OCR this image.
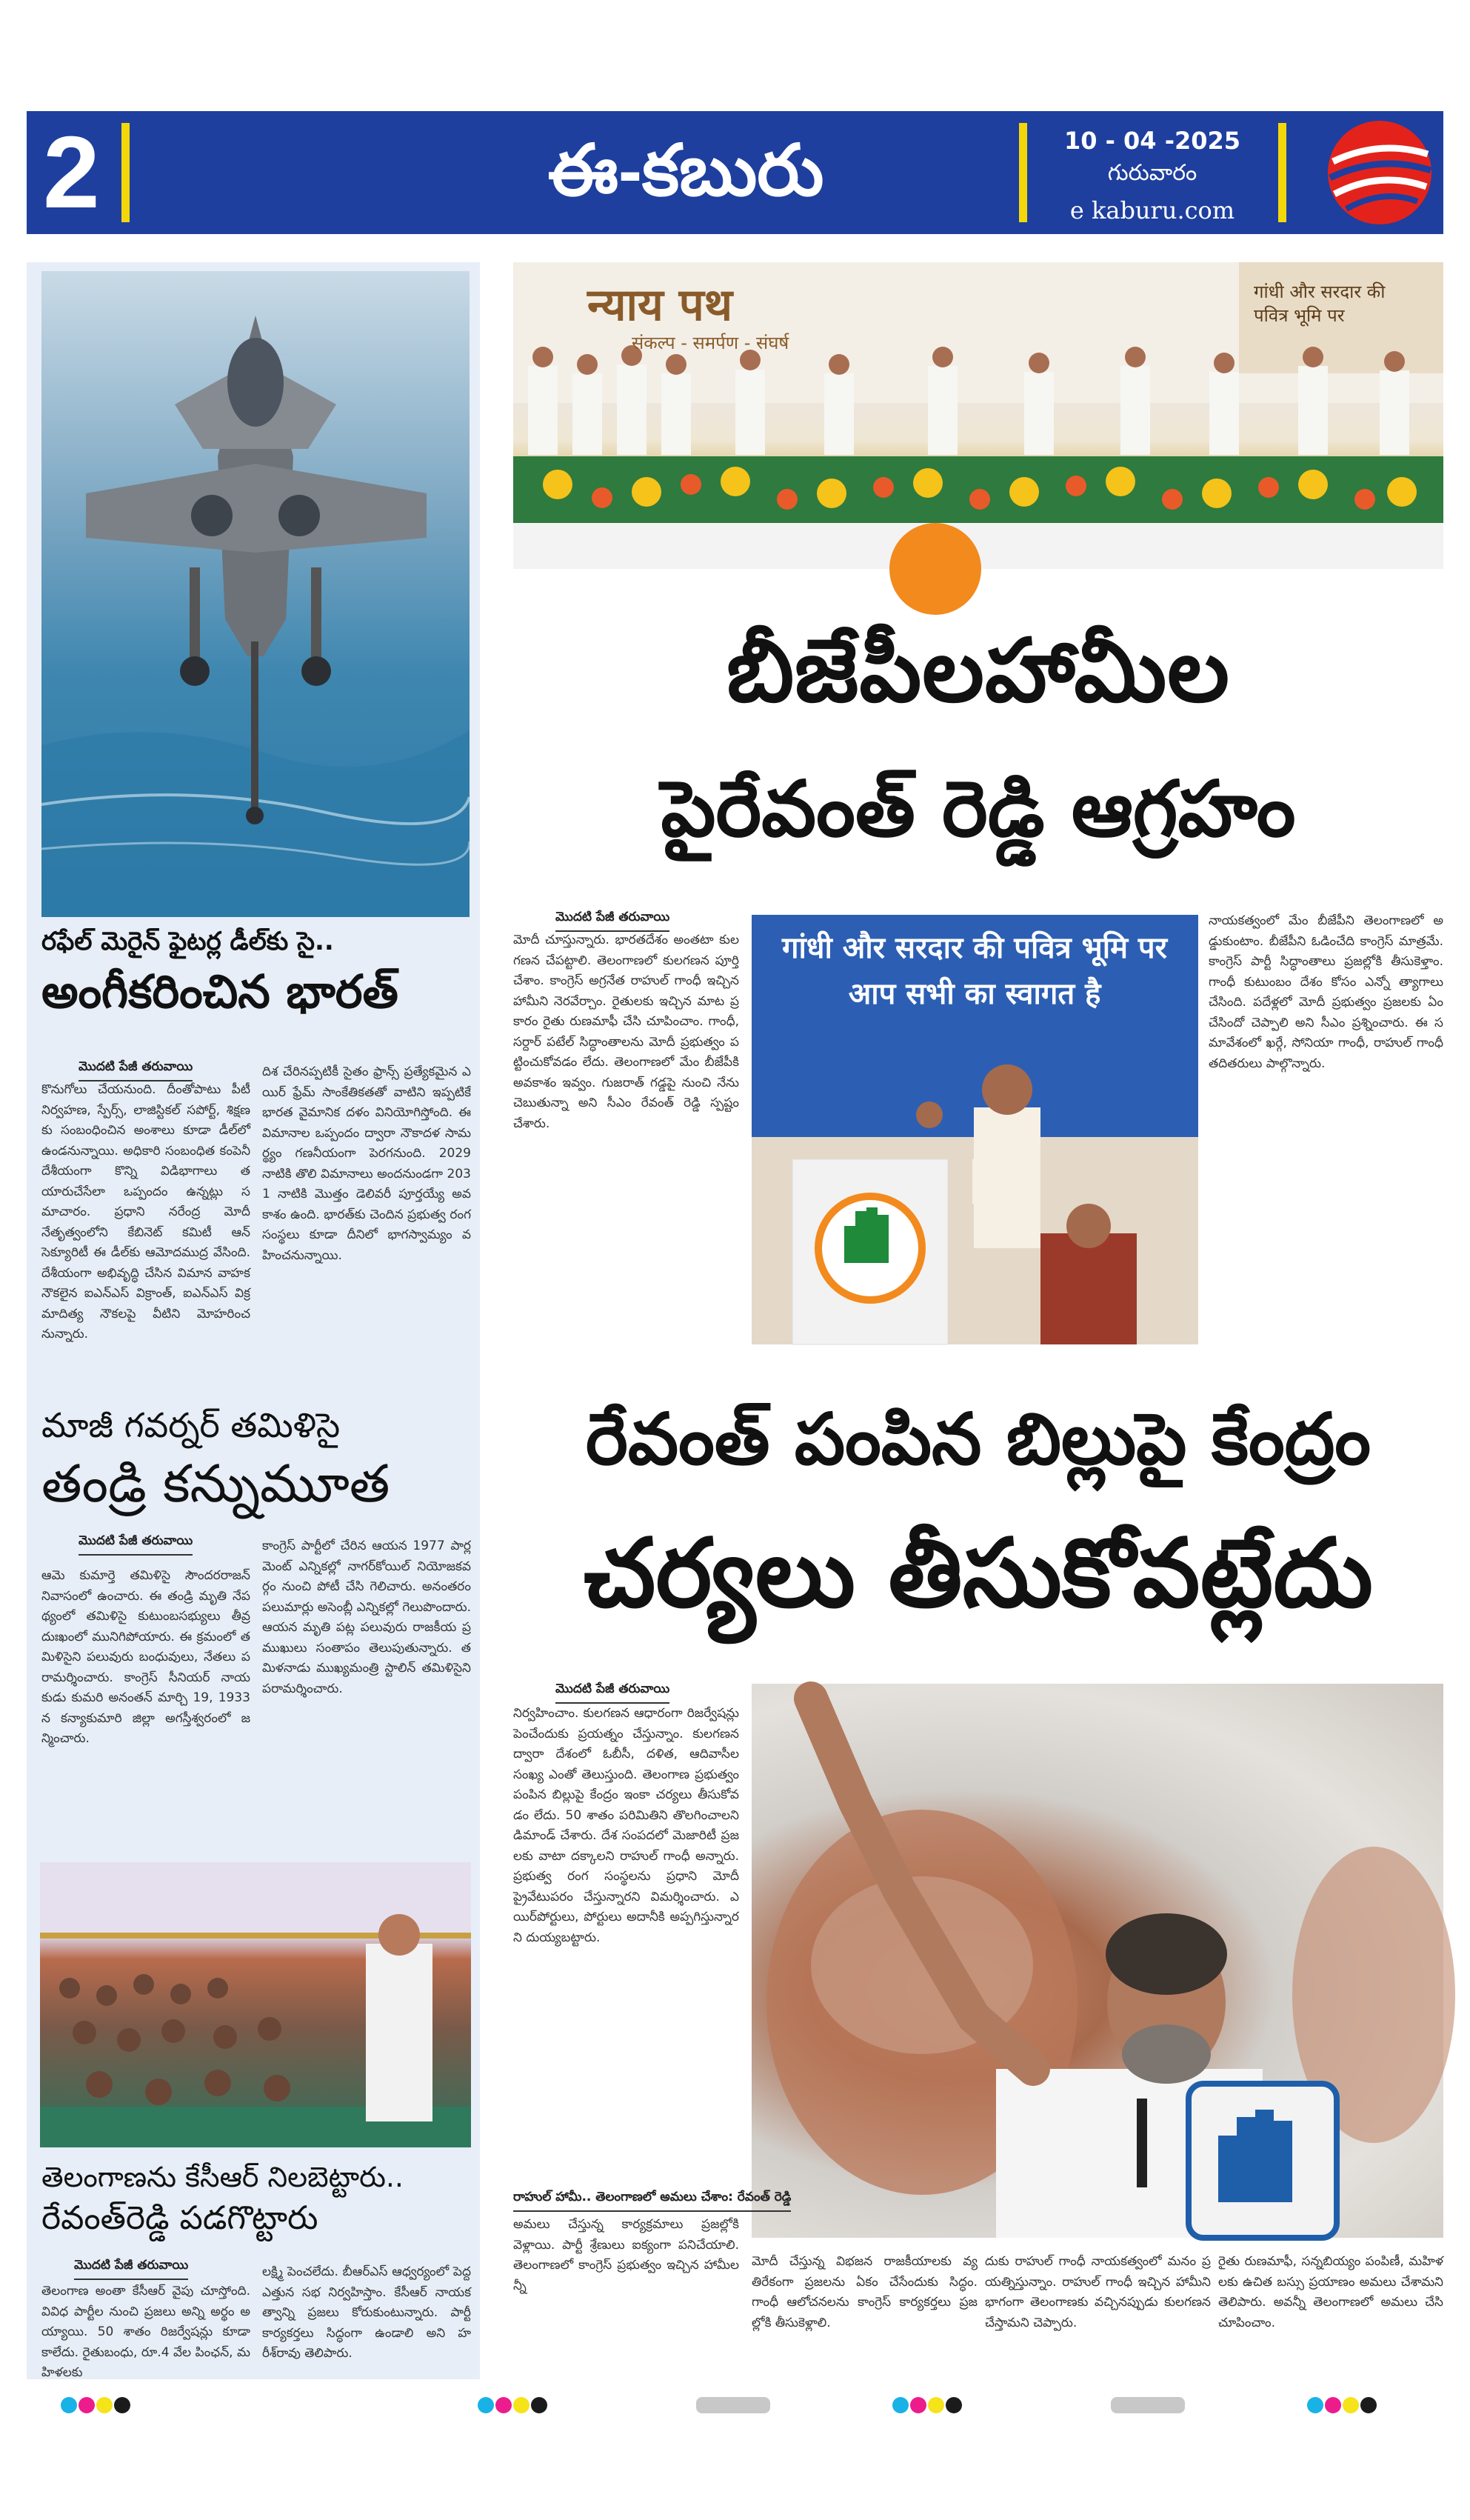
2	ఈ-కబురు	10 - 04 -2025
గురువారం
e kaburu.com
రఫేల్ మెరైన్ ఫైటర్ల డీల్‌కు సై..
అంగీకరించిన భారత్
మొదటి పేజీ తరువాయి
కొనుగోలు చేయనుంది. దీంతోపాటు పీటీ నిర్వహణ, స్పేర్స్, లాజిస్టికల్ సపోర్ట్, శిక్షణకు సంబంధించిన అంశాలు కూడా డీల్‌లో ఉండనున్నాయి. అధికారి సంబంధిత కంపెనీ దేశీయంగా కొన్ని విడిభాగాలు తయారుచేసేలా ఒప్పందం ఉన్నట్లు సమాచారం. ప్రధాని నరేంద్ర మోదీ నేతృత్వంలోని కేబినెట్ కమిటీ ఆన్ సెక్యూరిటీ ఈ డీల్‌కు ఆమోదముద్ర వేసింది. దేశీయంగా అభివృద్ధి చేసిన విమాన వాహక నౌకలైన ఐఎన్‌ఎస్ విక్రాంత్, ఐఎన్‌ఎస్ విక్రమాదిత్య నౌకలపై వీటిని మోహరించనున్నారు.
దిశ చేరినప్పటికీ సైతం ఫ్రాన్స్ ప్రత్యేకమైన ఎయిర్ ఫ్రేమ్ సాంకేతికతతో వాటిని ఇప్పటికే భారత వైమానిక దళం వినియోగిస్తోంది. ఈ విమానాల ఒప్పందం ద్వారా నౌకాదళ సామర్థ్యం గణనీయంగా పెరగనుంది. 2029 నాటికి తొలి విమానాలు అందనుండగా 2031 నాటికి మొత్తం డెలివరీ పూర్తయ్యే అవకాశం ఉంది. భారత్‌కు చెందిన ప్రభుత్వ రంగ సంస్థలు కూడా దీనిలో భాగస్వామ్యం వహించనున్నాయి.
మాజీ గవర్నర్ తమిళిసై
తండ్రి కన్నుమూత
మొదటి పేజీ తరువాయి
ఆమె కుమార్తె తమిళిసై సౌందరరాజన్ నివాసంలో ఉంచారు. ఈ తండ్రి మృతి నేపథ్యంలో తమిళిసై కుటుంబసభ్యులు తీవ్ర దుఃఖంలో మునిగిపోయారు. ఈ క్రమంలో తమిళిసైని పలువురు బంధువులు, నేతలు పరామర్శించారు. కాంగ్రెస్ సీనియర్ నాయకుడు కుమరి అనంతన్ మార్చి 19, 1933న కన్యాకుమారి జిల్లా అగస్తీశ్వరంలో జన్మించారు.
కాంగ్రెస్ పార్టీలో చేరిన ఆయన 1977 పార్లమెంట్ ఎన్నికల్లో నాగర్‌కోయిల్ నియోజకవర్గం నుంచి పోటీ చేసి గెలిచారు. అనంతరం పలుమార్లు అసెంబ్లీ ఎన్నికల్లో గెలుపొందారు. ఆయన మృతి పట్ల పలువురు రాజకీయ ప్రముఖులు సంతాపం తెలుపుతున్నారు. తమిళనాడు ముఖ్యమంత్రి స్టాలిన్ తమిళిసైని పరామర్శించారు.
తెలంగాణను కేసీఆర్ నిలబెట్టారు..
రేవంత్‌రెడ్డి పడగొట్టారు
మొదటి పేజీ తరువాయి
తెలంగాణ అంతా కేసీఆర్ వైపు చూస్తోంది. వివిధ పార్టీల నుంచి ప్రజలు అన్ని అర్థం అయ్యాయి. 50 శాతం రిజర్వేషన్లు కూడా కాలేదు. రైతుబంధు, రూ.4 వేల పింఛన్, మహిళలకు
లక్ష్మి పెంచలేదు. బీఆర్ఎస్ ఆధ్వర్యంలో పెద్ద ఎత్తున సభ నిర్వహిస్తాం. కేసీఆర్ నాయకత్వాన్ని ప్రజలు కోరుకుంటున్నారు. పార్టీ కార్యకర్తలు సిద్ధంగా ఉండాలి అని హరీశ్‌రావు తెలిపారు.
न्याय पथ
संकल्प - समर्पण - संघर्ष
गांधी और सरदार की पवित्र भूमि पर
బీజేపీలహామీల
పైరేవంత్ రెడ్డి ఆగ్రహం
మొదటి పేజీ తరువాయి
మోదీ చూస్తున్నారు. భారతదేశం అంతటా కుల గణన చేపట్టాలి. తెలంగాణలో కులగణన పూర్తి చేశాం. కాంగ్రెస్ అగ్రనేత రాహుల్ గాంధీ ఇచ్చిన హామీని నెరవేర్చాం. రైతులకు ఇచ్చిన మాట ప్రకారం రైతు రుణమాఫీ చేసి చూపించాం. గాంధీ, సర్దార్‌ పటేల్ సిద్ధాంతాలను మోదీ ప్రభుత్వం పట్టించుకోవడం లేదు. తెలంగాణలో మేం బీజేపీకి అవకాశం ఇవ్వం. గుజరాత్‌ గడ్డపై నుంచి నేను చెబుతున్నా అని సీఎం రేవంత్ రెడ్డి స్పష్టం చేశారు.
गांधी और सरदार की पवित्र भूमि पर आप सभी का स्वागत है
నాయకత్వంలో మేం బీజేపీని తెలంగాణలో అడ్డుకుంటాం. బీజేపీని ఓడించేది కాంగ్రెస్ మాత్రమే. కాంగ్రెస్ పార్టీ సిద్ధాంతాలు ప్రజల్లోకి తీసుకెళ్తాం. గాంధీ కుటుంబం దేశం కోసం ఎన్నో త్యాగాలు చేసింది. పదేళ్లలో మోదీ ప్రభుత్వం ప్రజలకు ఏం చేసిందో చెప్పాలి అని సీఎం ప్రశ్నించారు. ఈ సమావేశంలో ఖర్గే, సోనియా గాంధీ, రాహుల్ గాంధీ తదితరులు పాల్గొన్నారు.
రేవంత్ పంపిన బిల్లుపై కేంద్రం
చర్యలు తీసుకోవట్లేదు
మొదటి పేజీ తరువాయి
నిర్వహించాం. కులగణన ఆధారంగా రిజర్వేషన్లు పెంచేందుకు ప్రయత్నం చేస్తున్నాం. కులగణన ద్వారా దేశంలో ఓబీసీ, దళిత, ఆదివాసీల సంఖ్య ఎంతో తెలుస్తుంది. తెలంగాణ ప్రభుత్వం పంపిన బిల్లుపై కేంద్రం ఇంకా చర్యలు తీసుకోవడం లేదు. 50 శాతం పరిమితిని తొలగించాలని డిమాండ్ చేశారు. దేశ సంపదలో మెజారిటీ ప్రజలకు వాటా దక్కాలని రాహుల్ గాంధీ అన్నారు. ప్రభుత్వ రంగ సంస్థలను ప్రధాని మోదీ ప్రైవేటుపరం చేస్తున్నారని విమర్శించారు. ఎయిర్‌పోర్టులు, పోర్టులు అదానీకి అప్పగిస్తున్నారని దుయ్యబట్టారు.
రాహుల్ హామీ.. తెలంగాణలో అమలు చేశాం: రేవంత్ రెడ్డి
అమలు చేస్తున్న కార్యక్రమాలు ప్రజల్లోకి వెళ్లాయి. పార్టీ శ్రేణులు ఐక్యంగా పనిచేయాలి. తెలంగాణలో కాంగ్రెస్ ప్రభుత్వం ఇచ్చిన హామీలన్నీ
మోదీ చేస్తున్న విభజన రాజకీయాలకు వ్యతిరేకంగా ప్రజలను ఏకం చేసేందుకు సిద్ధం. గాంధీ ఆలోచనలను కాంగ్రెస్ కార్యకర్తలు ప్రజల్లోకి తీసుకెళ్లాలి.
దుకు రాహుల్ గాంధీ నాయకత్వంలో మనం ప్రయత్నిస్తున్నాం. రాహుల్ గాంధీ ఇచ్చిన హామీని భాగంగా తెలంగాణకు వచ్చినప్పుడు కులగణన చేస్తామని చెప్పారు.
రైతు రుణమాఫీ, సన్నబియ్యం పంపిణీ, మహిళలకు ఉచిత బస్సు ప్రయాణం అమలు చేశామని తెలిపారు. అవన్నీ తెలంగాణలో అమలు చేసి చూపించాం.
